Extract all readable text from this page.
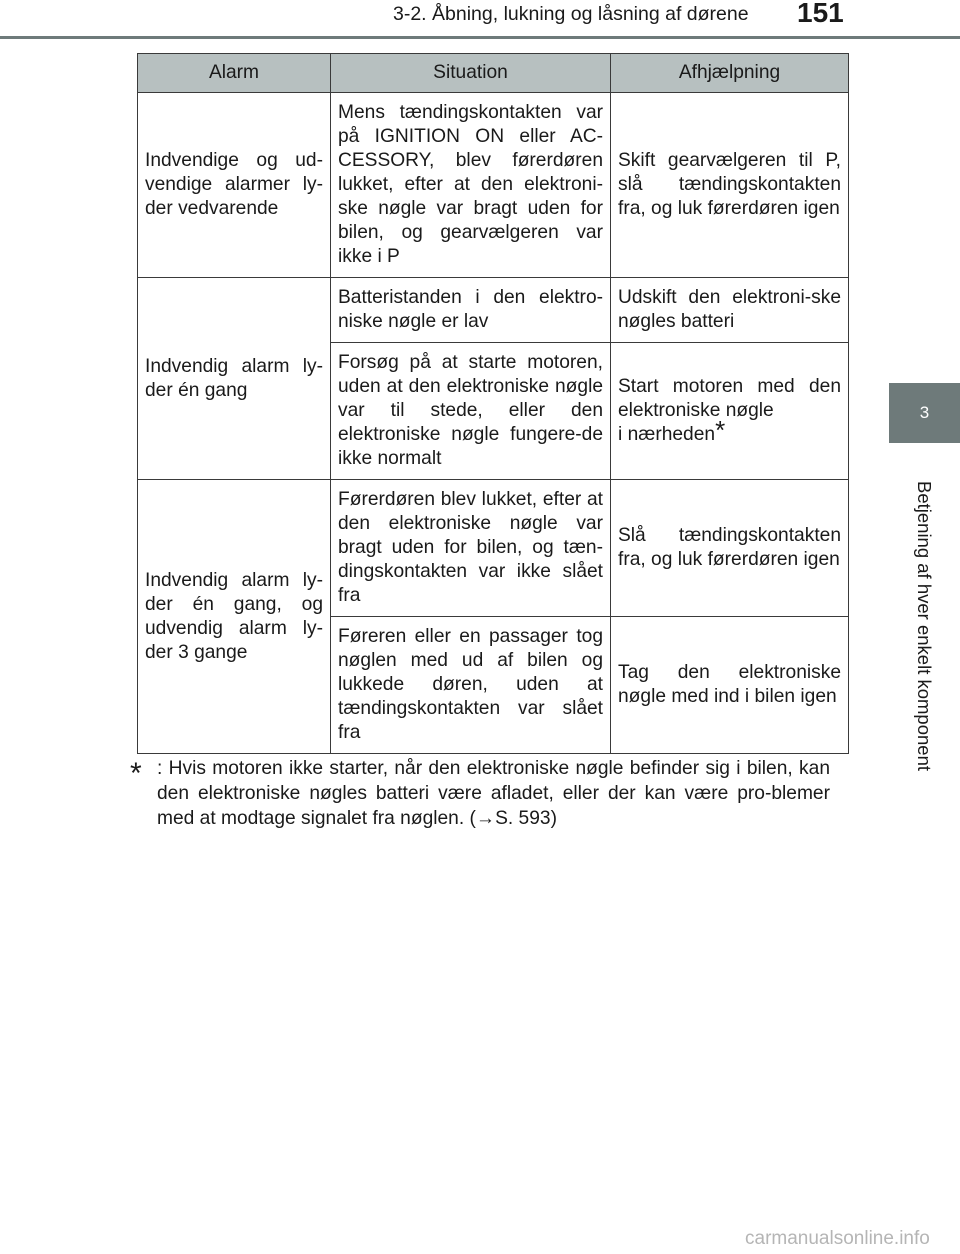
3-2. Åbning, lukning og låsning af dørene 151
3
Betjening af hver enkelt komponent
Alarm	Situation	Afhjælpning
Indvendige og ud-vendige alarmer ly-der vedvarende	Mens tændingskontakten var på IGNITION ON eller AC-CESSORY, blev førerdøren lukket, efter at den elektroni-ske nøgle var bragt uden for bilen, og gearvælgeren var ikke i P	Skift gearvælgeren til P, slå tændingskontakten fra, og luk førerdøren igen
Indvendig alarm ly-der én gang	Batteristanden i den elektro-niske nøgle er lav	Udskift den elektroni-ske nøgles batteri
	Forsøg på at starte motoren, uden at den elektroniske nøgle var til stede, eller den elektroniske nøgle fungere-de ikke normalt	Start motoren med den elektroniske nøgle
i nærheden*
Indvendig alarm ly-der én gang, og udvendig alarm ly-der 3 gange	Førerdøren blev lukket, efter at den elektroniske nøgle var bragt uden for bilen, og tæn-dingskontakten var ikke slået fra	Slå tændingskontakten fra, og luk førerdøren igen
	Føreren eller en passager tog nøglen med ud af bilen og lukkede døren, uden at tændingskontakten var slået fra	Tag den elektroniske nøgle med ind i bilen igen
* : Hvis motoren ikke starter, når den elektroniske nøgle befinder sig i bilen, kan den elektroniske nøgles batteri være afladet, eller der kan være pro-blemer med at modtage signalet fra nøglen. (→S. 593)
carmanualsonline.info
